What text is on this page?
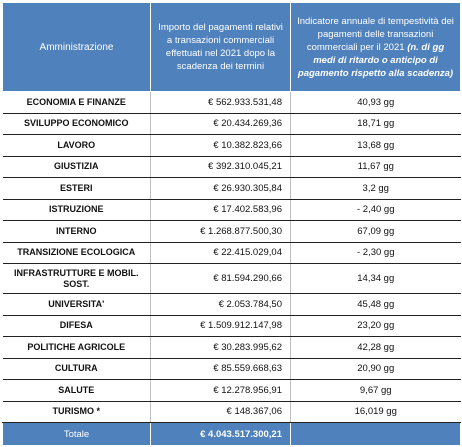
Amministrazione	Importo del pagamenti relativi a transazioni commerciali effettuati nel 2021 dopo la scadenza dei termini	Indicatore annuale di tempestività dei pagamenti delle transazioni commerciali per il 2021 (n. di gg medi di ritardo o anticipo di pagamento rispetto alla scadenza)
ECONOMIA E FINANZE	€ 562.933.531,48	40,93 gg
SVILUPPO ECONOMICO	€ 20.434.269,36	18,71 gg
LAVORO	€ 10.382.823,66	13,68 gg
GIUSTIZIA	€ 392.310.045,21	11,67 gg
ESTERI	€ 26.930.305,84	3,2 gg
ISTRUZIONE	€ 17.402.583,96	- 2,40 gg
INTERNO	€ 1.268.877.500,30	67,09 gg
TRANSIZIONE ECOLOGICA	€ 22.415.029,04	- 2,30 gg
INFRASTRUTTURE E MOBIL. SOST.	€ 81.594.290,66	14,34 gg
UNIVERSITA'	€ 2.053.784,50	45,48 gg
DIFESA	€ 1.509.912.147,98	23,20 gg
POLITICHE AGRICOLE	€ 30.283.995,62	42,28 gg
CULTURA	€ 85.559.668,63	20,90 gg
SALUTE	€ 12.278.956,91	9,67 gg
TURISMO *	€ 148.367,06	16,019 gg
Totale	€ 4.043.517.300,21	
